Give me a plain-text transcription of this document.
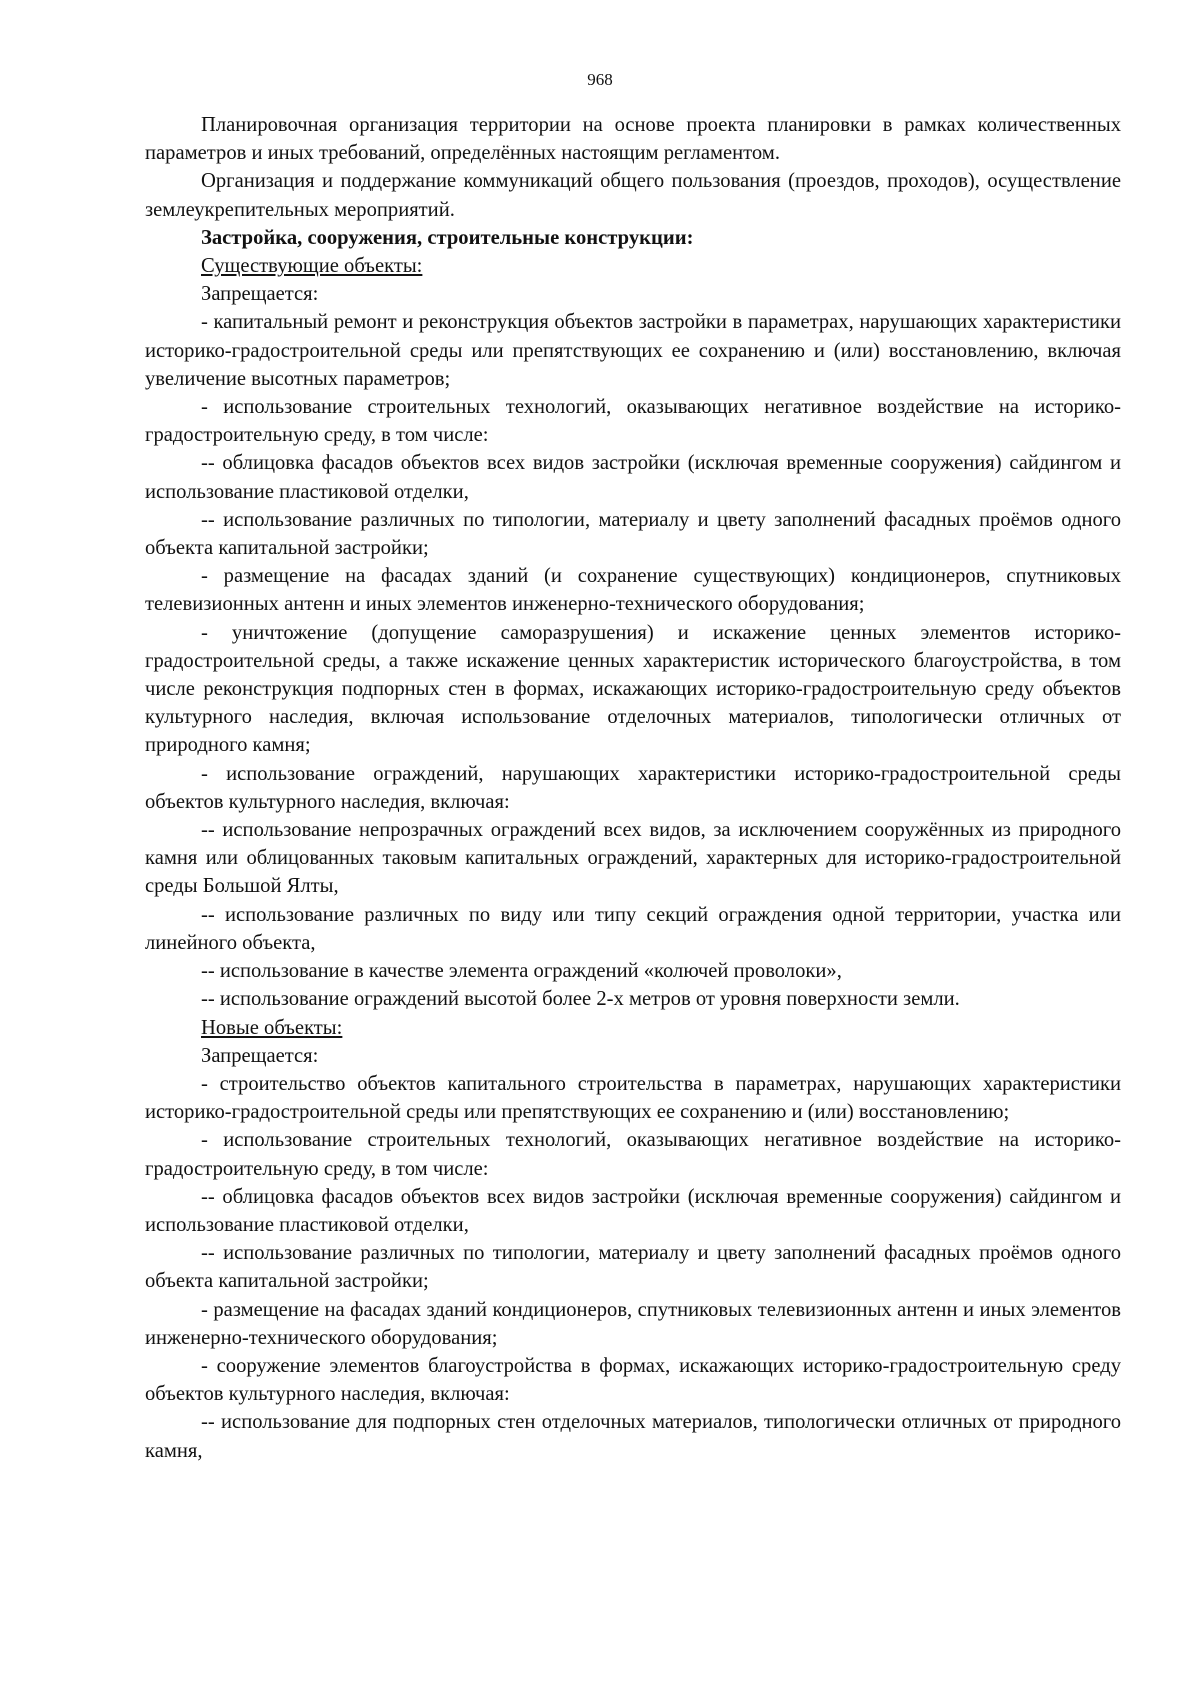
968

Планировочная организация территории на основе проекта планировки в рамках количественных параметров и иных требований, определённых настоящим регламентом.

Организация и поддержание коммуникаций общего пользования (проездов, проходов), осуществление землеукрепительных мероприятий.

Застройка, сооружения, строительные конструкции:

Существующие объекты:

Запрещается:

- капитальный ремонт и реконструкция объектов застройки в параметрах, нарушающих характеристики историко-градостроительной среды или препятствующих ее сохранению и (или) восстановлению, включая увеличение высотных параметров;

- использование строительных технологий, оказывающих негативное воздействие на историко-градостроительную среду, в том числе:

-- облицовка фасадов объектов всех видов застройки (исключая временные сооружения) сайдингом и использование пластиковой отделки,

-- использование различных по типологии, материалу и цвету заполнений фасадных проёмов одного объекта капитальной застройки;

- размещение на фасадах зданий (и сохранение существующих) кондиционеров, спутниковых телевизионных антенн и иных элементов инженерно-технического оборудования;

- уничтожение (допущение саморазрушения) и искажение ценных элементов историко-градостроительной среды, а также искажение ценных характеристик исторического благоустройства, в том числе реконструкция подпорных стен в формах, искажающих историко-градостроительную среду объектов культурного наследия, включая использование отделочных материалов, типологически отличных от природного камня;

- использование ограждений, нарушающих характеристики историко-градостроительной среды объектов культурного наследия, включая:

-- использование непрозрачных ограждений всех видов, за исключением сооружённых из природного камня или облицованных таковым капитальных ограждений, характерных для историко-градостроительной среды Большой Ялты,

-- использование различных по виду или типу секций ограждения одной территории, участка или линейного объекта,

-- использование в качестве элемента ограждений «колючей проволоки»,

-- использование ограждений высотой более 2-х метров от уровня поверхности земли.

Новые объекты:

Запрещается:

- строительство объектов капитального строительства в параметрах, нарушающих характеристики историко-градостроительной среды или препятствующих ее сохранению и (или) восстановлению;

- использование строительных технологий, оказывающих негативное воздействие на историко-градостроительную среду, в том числе:

-- облицовка фасадов объектов всех видов застройки (исключая временные сооружения) сайдингом и использование пластиковой отделки,

-- использование различных по типологии, материалу и цвету заполнений фасадных проёмов одного объекта капитальной застройки;

- размещение на фасадах зданий кондиционеров, спутниковых телевизионных антенн и иных элементов инженерно-технического оборудования;

- сооружение элементов благоустройства в формах, искажающих историко-градостроительную среду объектов культурного наследия, включая:

-- использование для подпорных стен отделочных материалов, типологически отличных от природного камня,
